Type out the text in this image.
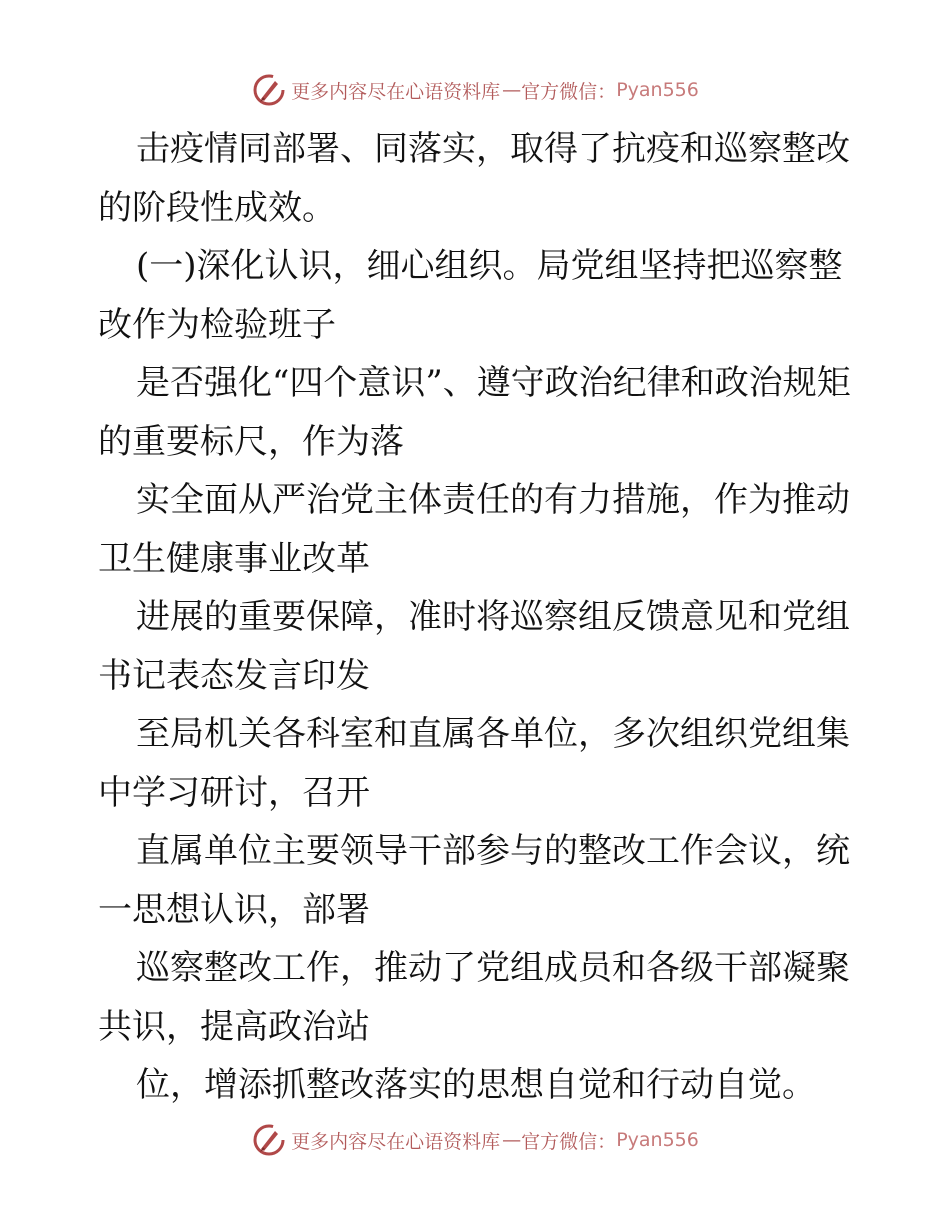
更多内容尽在心语资料库 — 官方微信： Pyan556

击疫情同部署、同落实，取得了抗疫和巡察整改的阶段性成效。

(一)深化认识，细心组织。局党组坚持把巡察整改作为检验班子

是否强化“四个意识”、遵守政治纪律和政治规矩的重要标尺，作为落

实全面从严治党主体责任的有力措施，作为推动卫生健康事业改革

进展的重要保障，准时将巡察组反馈意见和党组书记表态发言印发

至局机关各科室和直属各单位，多次组织党组集中学习研讨，召开

直属单位主要领导干部参与的整改工作会议，统一思想认识，部署

巡察整改工作，推动了党组成员和各级干部凝聚共识，提高政治站

位，增添抓整改落实的思想自觉和行动自觉。

更多内容尽在心语资料库 — 官方微信： Pyan556
